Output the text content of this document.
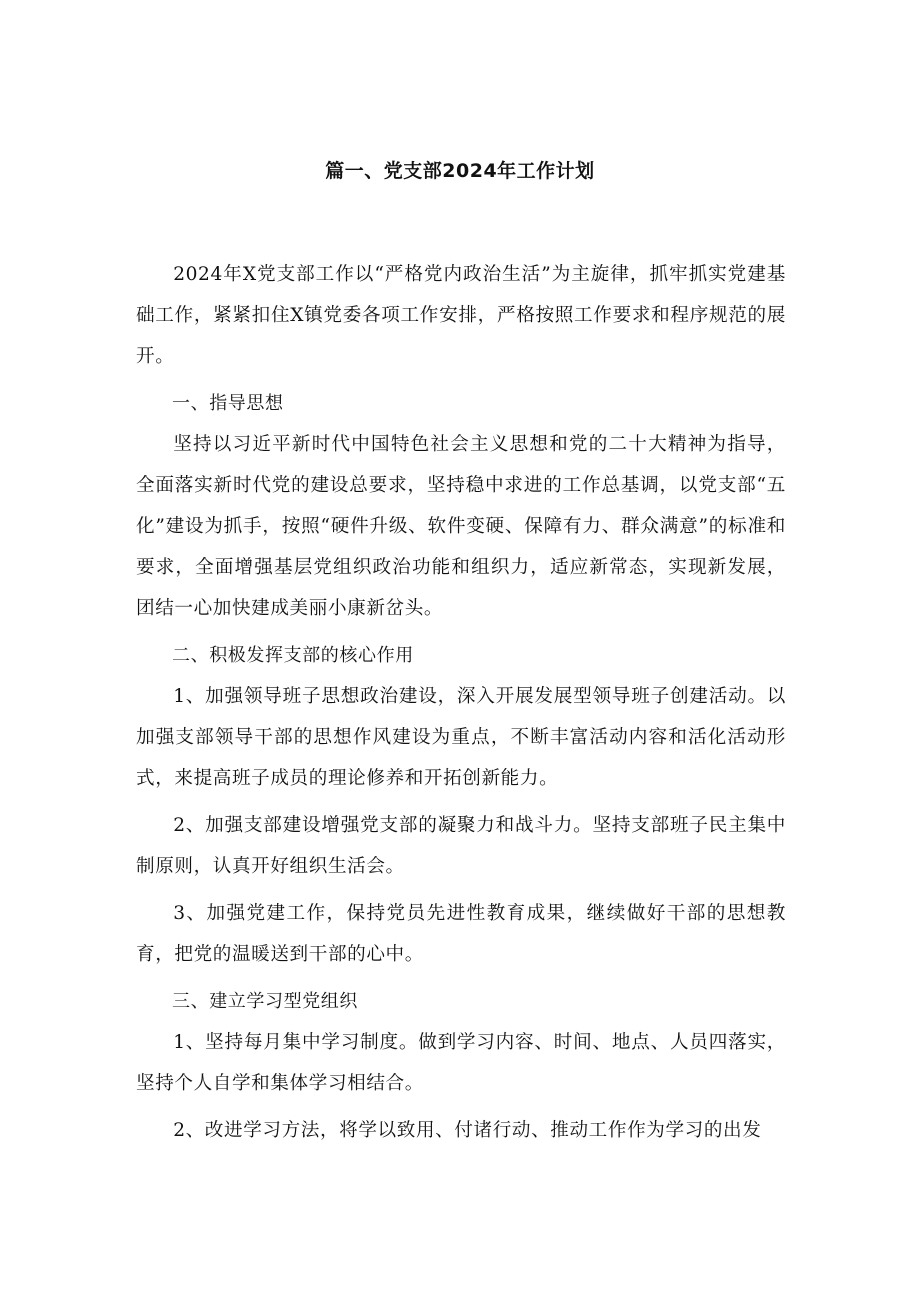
篇一、党支部2024年工作计划

2024年X党支部工作以“严格党内政治生活”为主旋律，抓牢抓实党建基础工作，紧紧扣住X镇党委各项工作安排，严格按照工作要求和程序规范的展开。

一、指导思想

坚持以习近平新时代中国特色社会主义思想和党的二十大精神为指导，全面落实新时代党的建设总要求，坚持稳中求进的工作总基调，以党支部“五化”建设为抓手，按照“硬件升级、软件变硬、保障有力、群众满意”的标准和要求，全面增强基层党组织政治功能和组织力，适应新常态，实现新发展，团结一心加快建成美丽小康新岔头。

二、积极发挥支部的核心作用

1、加强领导班子思想政治建设，深入开展发展型领导班子创建活动。以加强支部领导干部的思想作风建设为重点，不断丰富活动内容和活化活动形式，来提高班子成员的理论修养和开拓创新能力。

2、加强支部建设增强党支部的凝聚力和战斗力。坚持支部班子民主集中制原则，认真开好组织生活会。

3、加强党建工作，保持党员先进性教育成果，继续做好干部的思想教育，把党的温暖送到干部的心中。

三、建立学习型党组织

1、坚持每月集中学习制度。做到学习内容、时间、地点、人员四落实，坚持个人自学和集体学习相结合。

2、改进学习方法，将学以致用、付诸行动、推动工作作为学习的出发
